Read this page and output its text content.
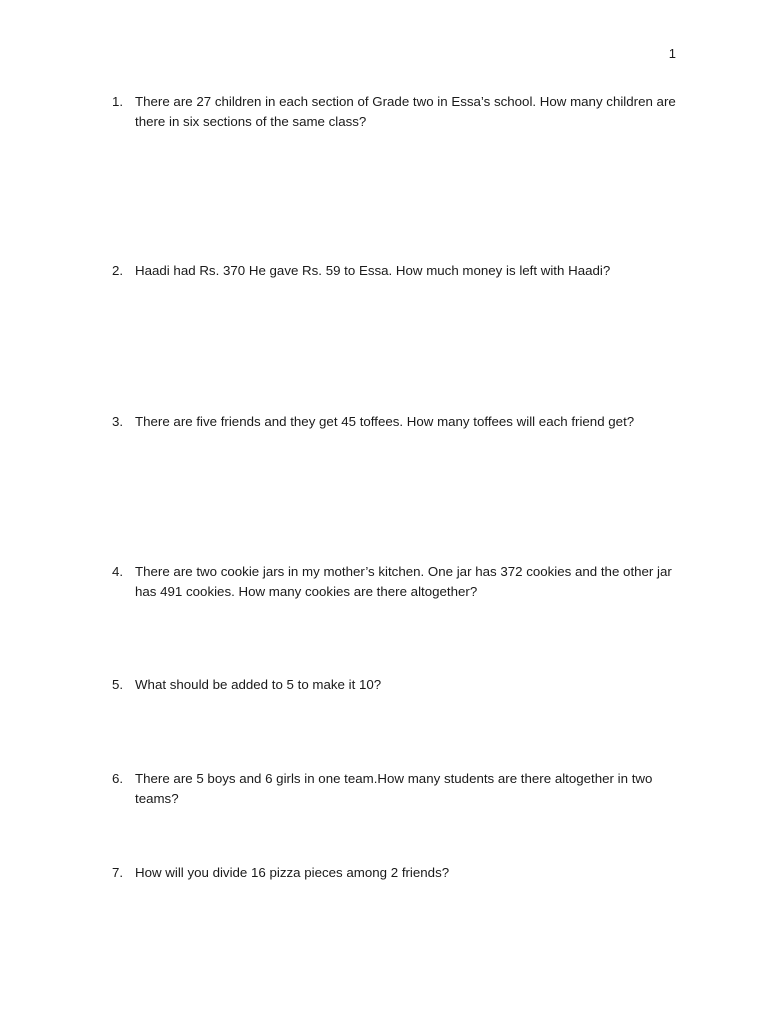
1
1. There are 27 children in each section of Grade two in Essa’s school. How many children are there in six sections of the same class?
2. Haadi had Rs. 370 He gave Rs. 59 to Essa. How much money is left with Haadi?
3. There are five friends and they get 45 toffees. How many toffees will each friend get?
4. There are two cookie jars in my mother’s kitchen. One jar has 372 cookies and the other jar has 491 cookies. How many cookies are there altogether?
5. What should be added to 5 to make it 10?
6. There are 5 boys and 6 girls in one team.How many students are there altogether in two teams?
7. How will you divide 16 pizza pieces among 2 friends?
